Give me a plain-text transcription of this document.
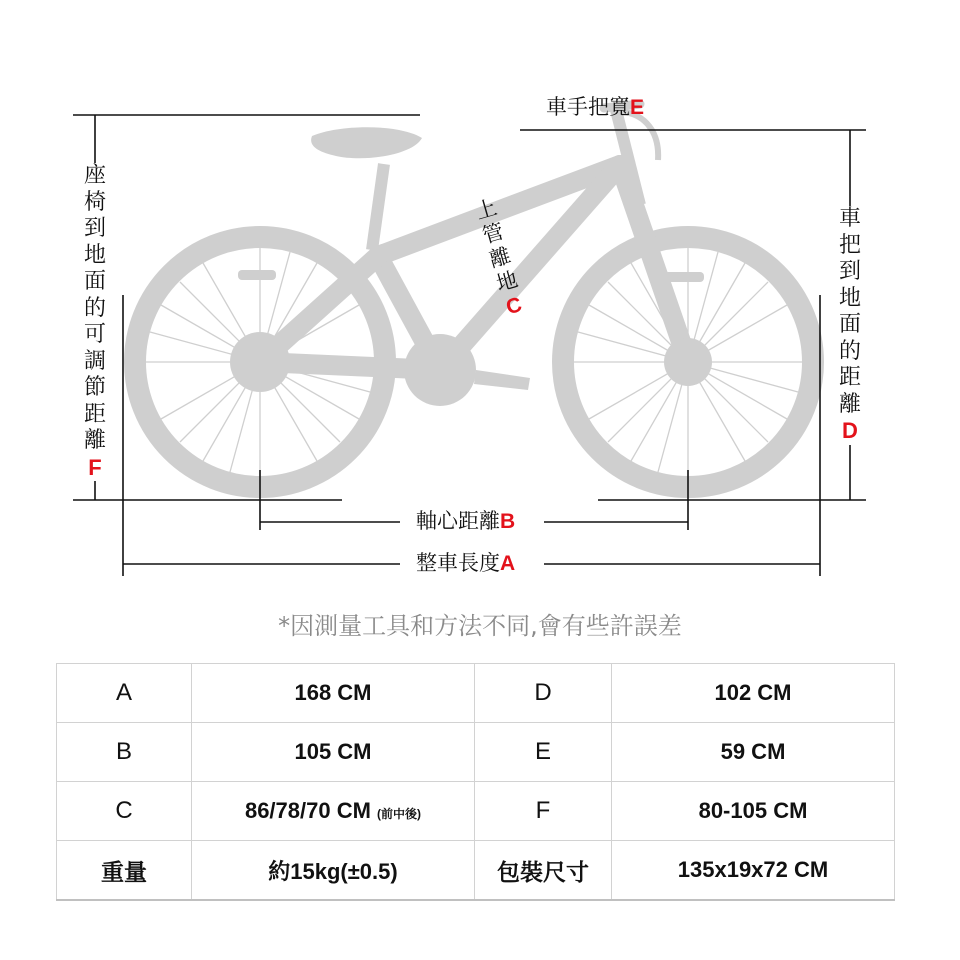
車手把寬E
上
管
離
地
C
座
椅
到
地
面
的
可
調
節
距
離
F
車
把
到
地
面
的
距
離
D
軸心距離B
整車長度A
*因測量工具和方法不同,會有些許誤差
A	168 CM	D	102 CM
B	105 CM	E	59 CM
C	86/78/70 CM (前中後)	F	80-105 CM
重量	約15kg(±0.5)	包裝尺寸	135x19x72 CM
